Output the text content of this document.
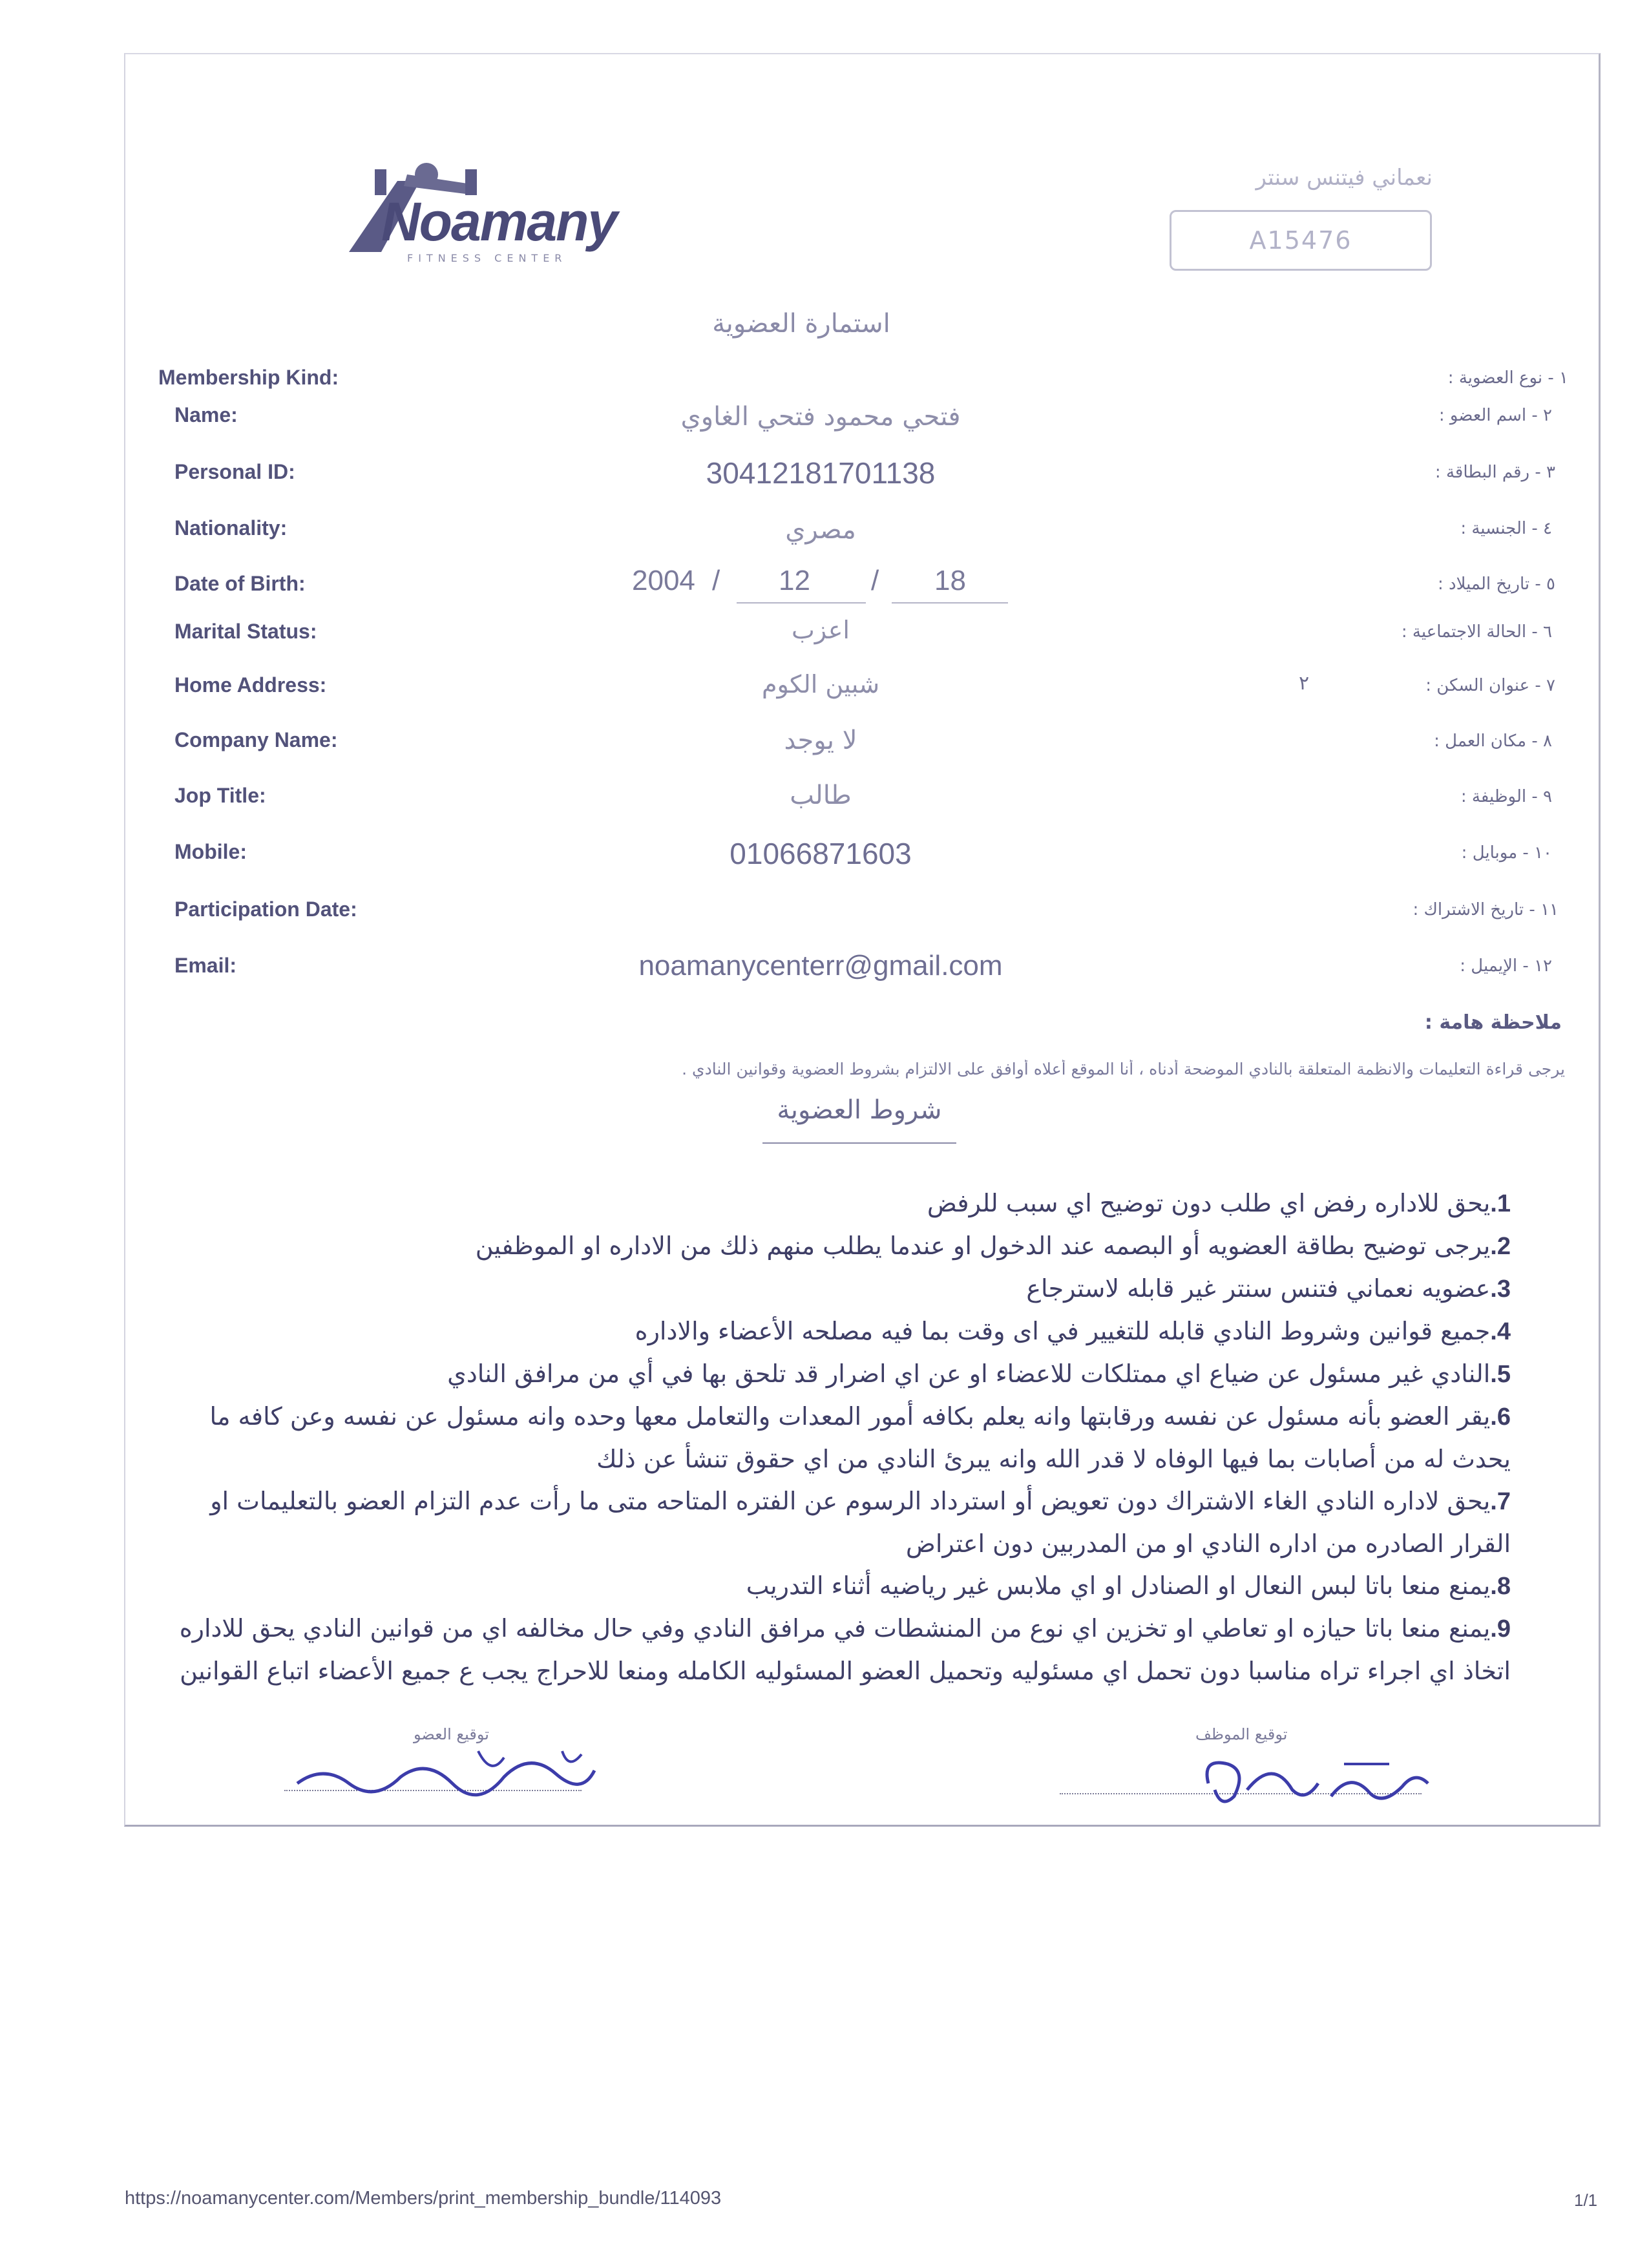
Noamany
FITNESS CENTER
نعماني فيتنس سنتر
A15476
استمارة العضوية
Membership Kind:	١ - نوع العضوية :
Name:	فتحي محمود فتحي الغاوي	٢ - اسم العضو :
Personal ID:	30412181701138	٣ - رقم البطاقة :
Nationality:	مصري	٤ - الجنسية :
Date of Birth:	2004 / 12 / 18	٥ - تاريخ الميلاد :
Marital Status:	اعزب	٦ - الحالة الاجتماعية :
Home Address:	شبين الكوم	٢	٧ - عنوان السكن :
Company Name:	لا يوجد	٨ - مكان العمل :
Jop Title:	طالب	٩ - الوظيفة :
Mobile:	01066871603	١٠ - موبايل :
Participation Date:	١١ - تاريخ الاشتراك :
Email:	noamanycenterr@gmail.com	١٢ - الإيميل :
ملاحظة هامة :
يرجى قراءة التعليمات والانظمة المتعلقة بالنادي الموضحة أدناه ، أنا الموقع أعلاه أوافق على الالتزام بشروط العضوية وقوانين النادي .
شروط العضوية

1.يحق للاداره رفض اي طلب دون توضيح اي سبب للرفض

2.يرجى توضيح بطاقة العضويه أو البصمه عند الدخول او عندما يطلب منهم ذلك من الاداره او الموظفين

3.عضويه نعماني فتنس سنتر غير قابله لاسترجاع

4.جميع قوانين وشروط النادي قابله للتغيير في اى وقت بما فيه مصلحه الأعضاء والاداره

5.النادي غير مسئول عن ضياع اي ممتلكات للاعضاء او عن اي اضرار قد تلحق بها في أي من مرافق النادي

6.يقر العضو بأنه مسئول عن نفسه ورقابتها وانه يعلم بكافه أمور المعدات والتعامل معها وحده وانه مسئول عن نفسه وعن كافه ما يحدث له من أصابات بما فيها الوفاه لا قدر الله وانه يبرئ النادي من اي حقوق تنشأ عن ذلك

7.يحق لاداره النادي الغاء الاشتراك دون تعويض أو استرداد الرسوم عن الفتره المتاحه متى ما رأت عدم التزام العضو بالتعليمات او القرار الصادره من اداره النادي او من المدربين دون اعتراض

8.يمنع منعا باتا لبس النعال او الصنادل او اي ملابس غير رياضيه أثناء التدريب

9.يمنع منعا باتا حيازه او تعاطي او تخزين اي نوع من المنشطات في مرافق النادي وفي حال مخالفه اي من قوانين النادي يحق للاداره اتخاذ اي اجراء تراه مناسبا دون تحمل اي مسئوليه وتحميل العضو المسئوليه الكامله ومنعا للاحراج يجب ع جميع الأعضاء اتباع القوانين

توقيع العضو	توقيع الموظف
https://noamanycenter.com/Members/print_membership_bundle/114093	1/1
